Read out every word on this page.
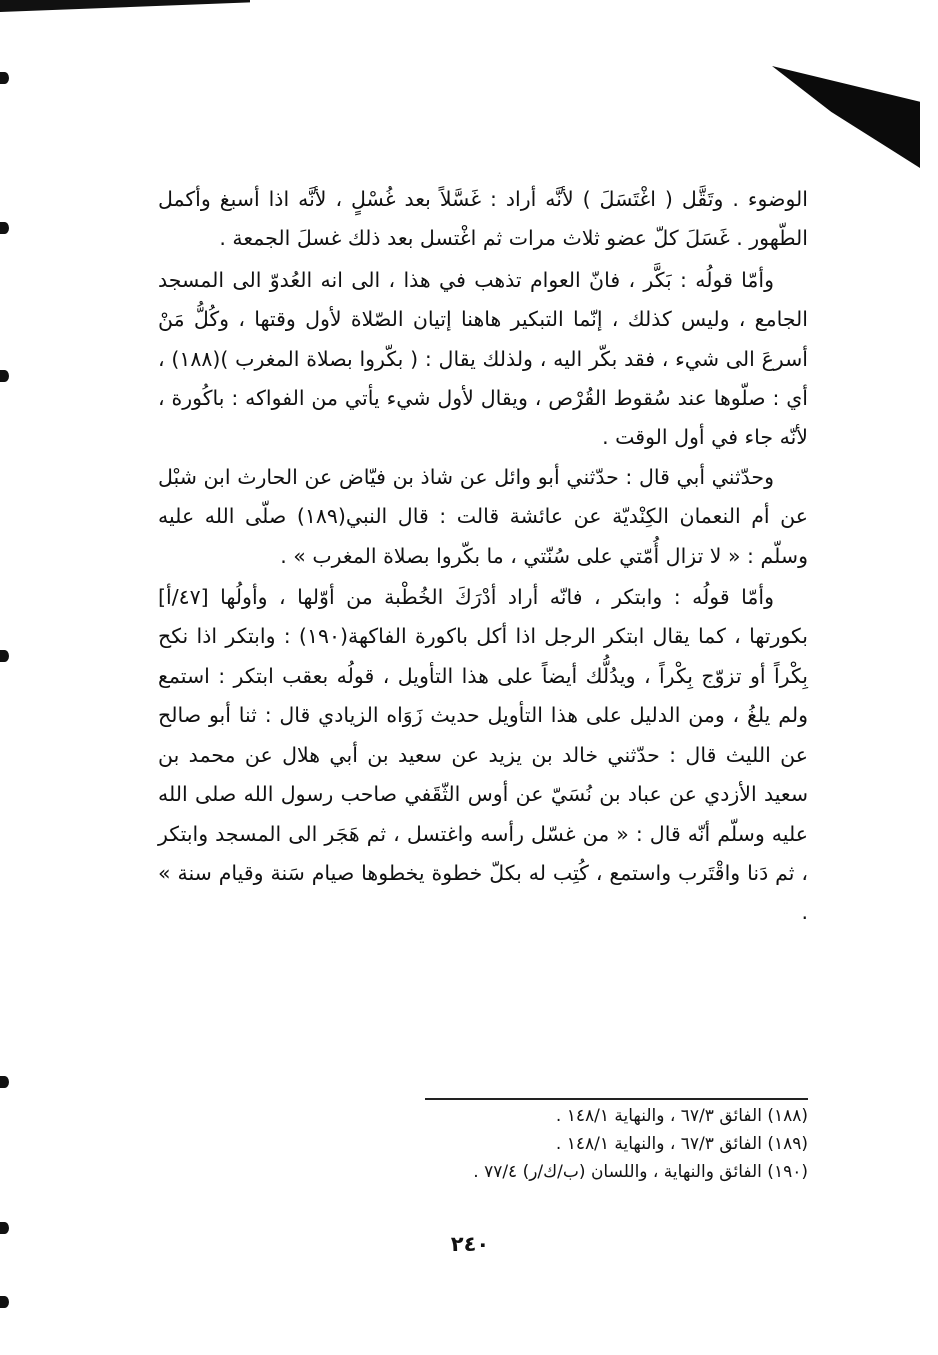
الوضوء . وتَقَّل ( اغْتَسَلَ ) لأنَّه أراد : غَسَّلاً بعد غُسْلٍ ، لأنَّه اذا أسبغ وأكمل الطّهور . غَسَلَ كلّ عضو ثلاث مرات ثم اغْتسل بعد ذلك غسلَ الجمعة .

وأمّا قولُه : بَكَّر ، فانّ العوام تذهب في هذا ، الى انه العُدوّ الى المسجد الجامع ، وليس كذلك ، إنّما التبكير هاهنا إتيان الصّلاة لأول وقتها ، وكُلُّ مَنْ أسرعَ الى شيء ، فقد بكّر اليه ، ولذلك يقال : ( بكّروا بصلاة المغرب )(١٨٨) ، أي : صلّوها عند سُقوط القُرْص ، ويقال لأول شيء يأتي من الفواكه : باكُورة ، لأنّه جاء في أول الوقت .

وحدّثني أبي قال : حدّثني أبو وائل عن شاذ بن فيّاض عن الحارث ابن شبْل عن أم النعمان الكِنْديّة عن عائشة قالت : قال النبي(١٨٩) صلّى الله عليه وسلّم : « لا تزال أُمّتي على سُنّتي ، ما بكّروا بصلاة المغرب » .

وأمّا قولُه : وابتكر ، فانّه أراد أدْرَكَ الخُطْبة من أوّلها ، وأولُها [٤٧/أ] بكورتها ، كما يقال ابتكر الرجل اذا أكل باكورة الفاكهة(١٩٠) : وابتكر اذا نكح بِكْراً أو تزوّج بِكْراً ، ويدُلُّك أيضاً على هذا التأويل ، قولُه بعقب ابتكر : استمع ولم يلغُ ، ومن الدليل على هذا التأويل حديث زَوَاه الزيادي قال : ثنا أبو صالح عن الليث قال : حدّثني خالد بن يزيد عن سعيد بن أبي هلال عن محمد بن سعيد الأزدي عن عباد بن نُسَيّ عن أوس الثّقَفي صاحب رسول الله صلى الله عليه وسلّم أنّه قال : « من غسّل رأسه واغتسل ، ثم هَجَر الى المسجد وابتكر ، ثم دَنا واقْتَرب واستمع ، كُتِب له بكلّ خطوة يخطوها صيام سَنة وقيام سنة » .

(١٨٨) الفائق ٦٧/٣ ، والنهاية ١٤٨/١ .
(١٨٩) الفائق ٦٧/٣ ، والنهاية ١٤٨/١ .
(١٩٠) الفائق والنهاية ، واللسان (ب/ك/ر) ٧٧/٤ .
٢٤٠
